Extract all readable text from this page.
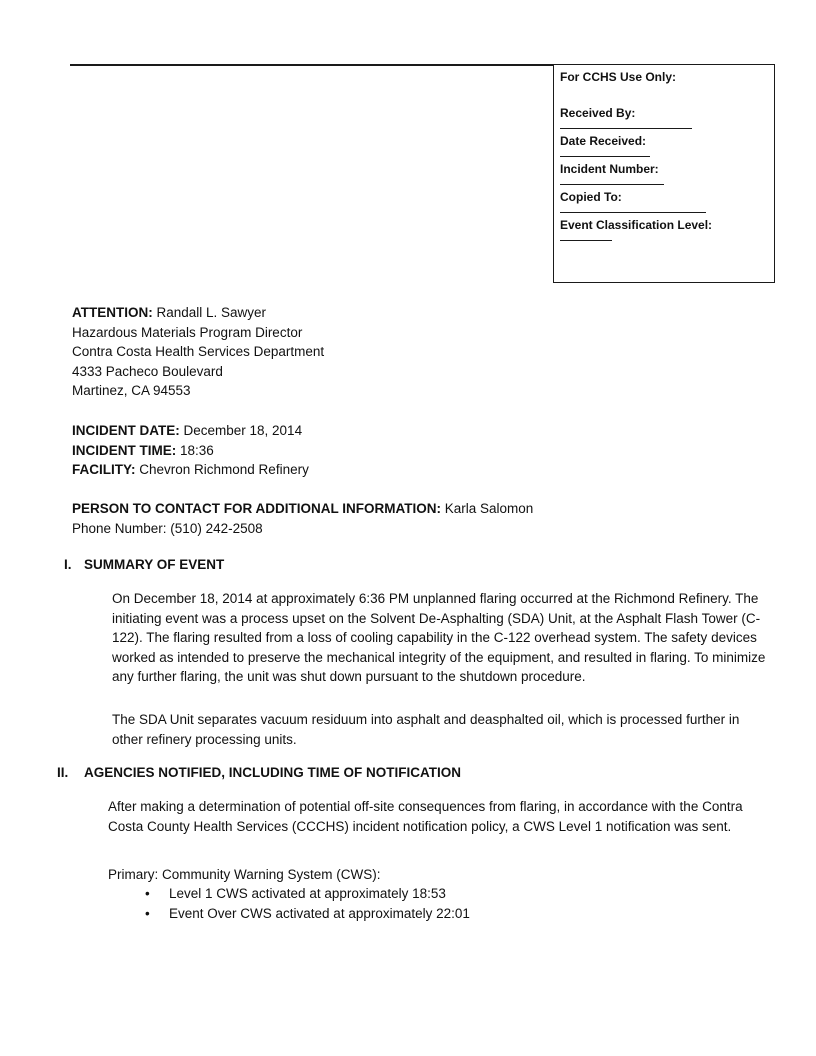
For CCHS Use Only:
Received By:
Date Received:
Incident Number:
Copied To:
Event Classification Level:
ATTENTION: Randall L. Sawyer
Hazardous Materials Program Director
Contra Costa Health Services Department
4333 Pacheco Boulevard
Martinez, CA 94553
INCIDENT DATE: December 18, 2014
INCIDENT TIME: 18:36
FACILITY: Chevron Richmond Refinery
PERSON TO CONTACT FOR ADDITIONAL INFORMATION: Karla Salomon
Phone Number: (510) 242-2508
I. SUMMARY OF EVENT
On December 18, 2014 at approximately 6:36 PM unplanned flaring occurred at the Richmond Refinery. The initiating event was a process upset on the Solvent De-Asphalting (SDA) Unit, at the Asphalt Flash Tower (C-122). The flaring resulted from a loss of cooling capability in the C-122 overhead system. The safety devices worked as intended to preserve the mechanical integrity of the equipment, and resulted in flaring. To minimize any further flaring, the unit was shut down pursuant to the shutdown procedure.
The SDA Unit separates vacuum residuum into asphalt and deasphalted oil, which is processed further in other refinery processing units.
II. AGENCIES NOTIFIED, INCLUDING TIME OF NOTIFICATION
After making a determination of potential off-site consequences from flaring, in accordance with the Contra Costa County Health Services (CCCHS) incident notification policy, a CWS Level 1 notification was sent.
Primary: Community Warning System (CWS):
• Level 1 CWS activated at approximately 18:53
• Event Over CWS activated at approximately 22:01
